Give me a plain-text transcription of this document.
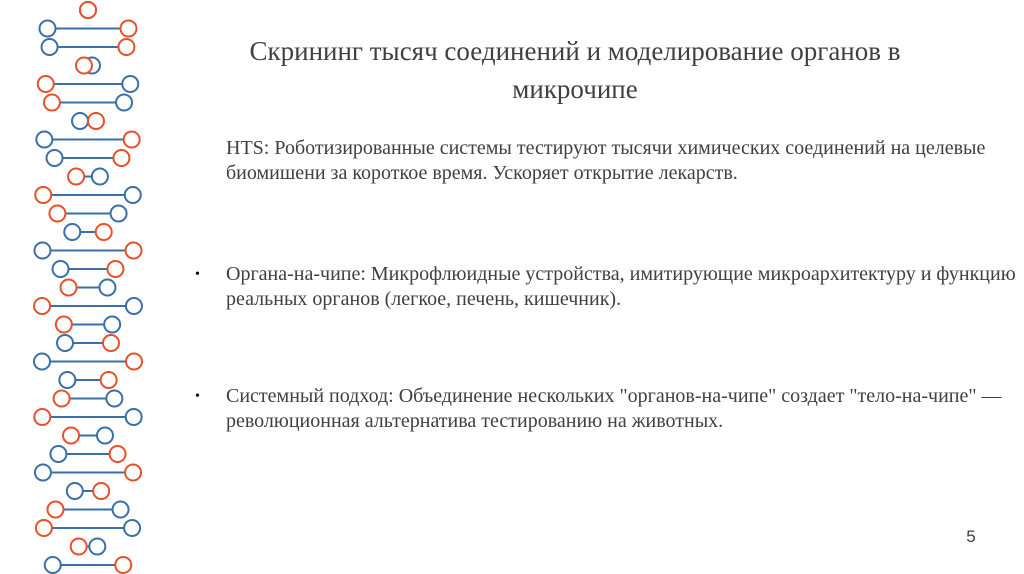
Скрининг тысяч соединений и моделирование органов в микрочипе
HTS: Роботизированные системы тестируют тысячи химических соединений на целевые биомишени за короткое время. Ускоряет открытие лекарств.
• Органа-на-чипе: Микрофлюидные устройства, имитирующие микроархитектуру и функцию реальных органов (легкое, печень, кишечник).
• Системный подход: Объединение нескольких "органов-на-чипе" создает "тело-на-чипе" — революционная альтернатива тестированию на животных.
5
